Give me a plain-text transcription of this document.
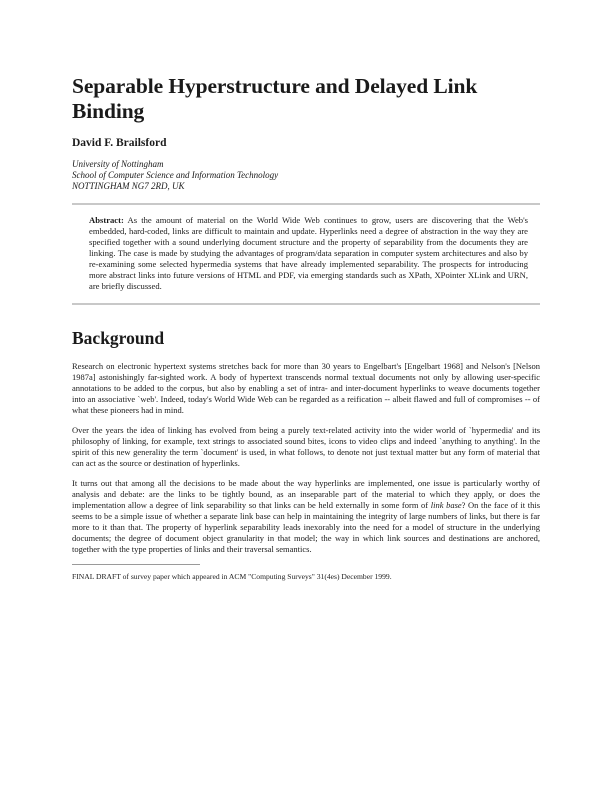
Separable Hyperstructure and Delayed Link Binding
David F. Brailsford
University of Nottingham
School of Computer Science and Information Technology
NOTTINGHAM NG7 2RD, UK
Abstract: As the amount of material on the World Wide Web continues to grow, users are discovering that the Web's embedded, hard-coded, links are difficult to maintain and update. Hyperlinks need a degree of abstraction in the way they are specified together with a sound underlying document structure and the property of separability from the documents they are linking. The case is made by studying the advantages of program/data separation in computer system architectures and also by re-examining some selected hypermedia systems that have already implemented separability. The prospects for introducing more abstract links into future versions of HTML and PDF, via emerging standards such as XPath, XPointer XLink and URN, are briefly discussed.
Background

Research on electronic hypertext systems stretches back for more than 30 years to Engelbart's [Engelbart 1968] and Nelson's [Nelson 1987a] astonishingly far-sighted work. A body of hypertext transcends normal textual documents not only by allowing user-specific annotations to be added to the corpus, but also by enabling a set of intra- and inter-document hyperlinks to weave documents together into an associative `web'. Indeed, today's World Wide Web can be regarded as a reification -- albeit flawed and full of compromises -- of what these pioneers had in mind.

Over the years the idea of linking has evolved from being a purely text-related activity into the wider world of `hypermedia' and its philosophy of linking, for example, text strings to associated sound bites, icons to video clips and indeed `anything to anything'. In the spirit of this new generality the term `document' is used, in what follows, to denote not just textual matter but any form of material that can act as the source or destination of hyperlinks.

It turns out that among all the decisions to be made about the way hyperlinks are implemented, one issue is particularly worthy of analysis and debate: are the links to be tightly bound, as an inseparable part of the material to which they apply, or does the implementation allow a degree of link separability so that links can be held externally in some form of link base? On the face of it this seems to be a simple issue of whether a separate link base can help in maintaining the integrity of large numbers of links, but there is far more to it than that. The property of hyperlink separability leads inexorably into the need for a model of structure in the underlying documents; the degree of document object granularity in that model; the way in which link sources and destinations are anchored, together with the type properties of links and their traversal semantics.

FINAL DRAFT of survey paper which appeared in ACM "Computing Surveys" 31(4es) December 1999.
